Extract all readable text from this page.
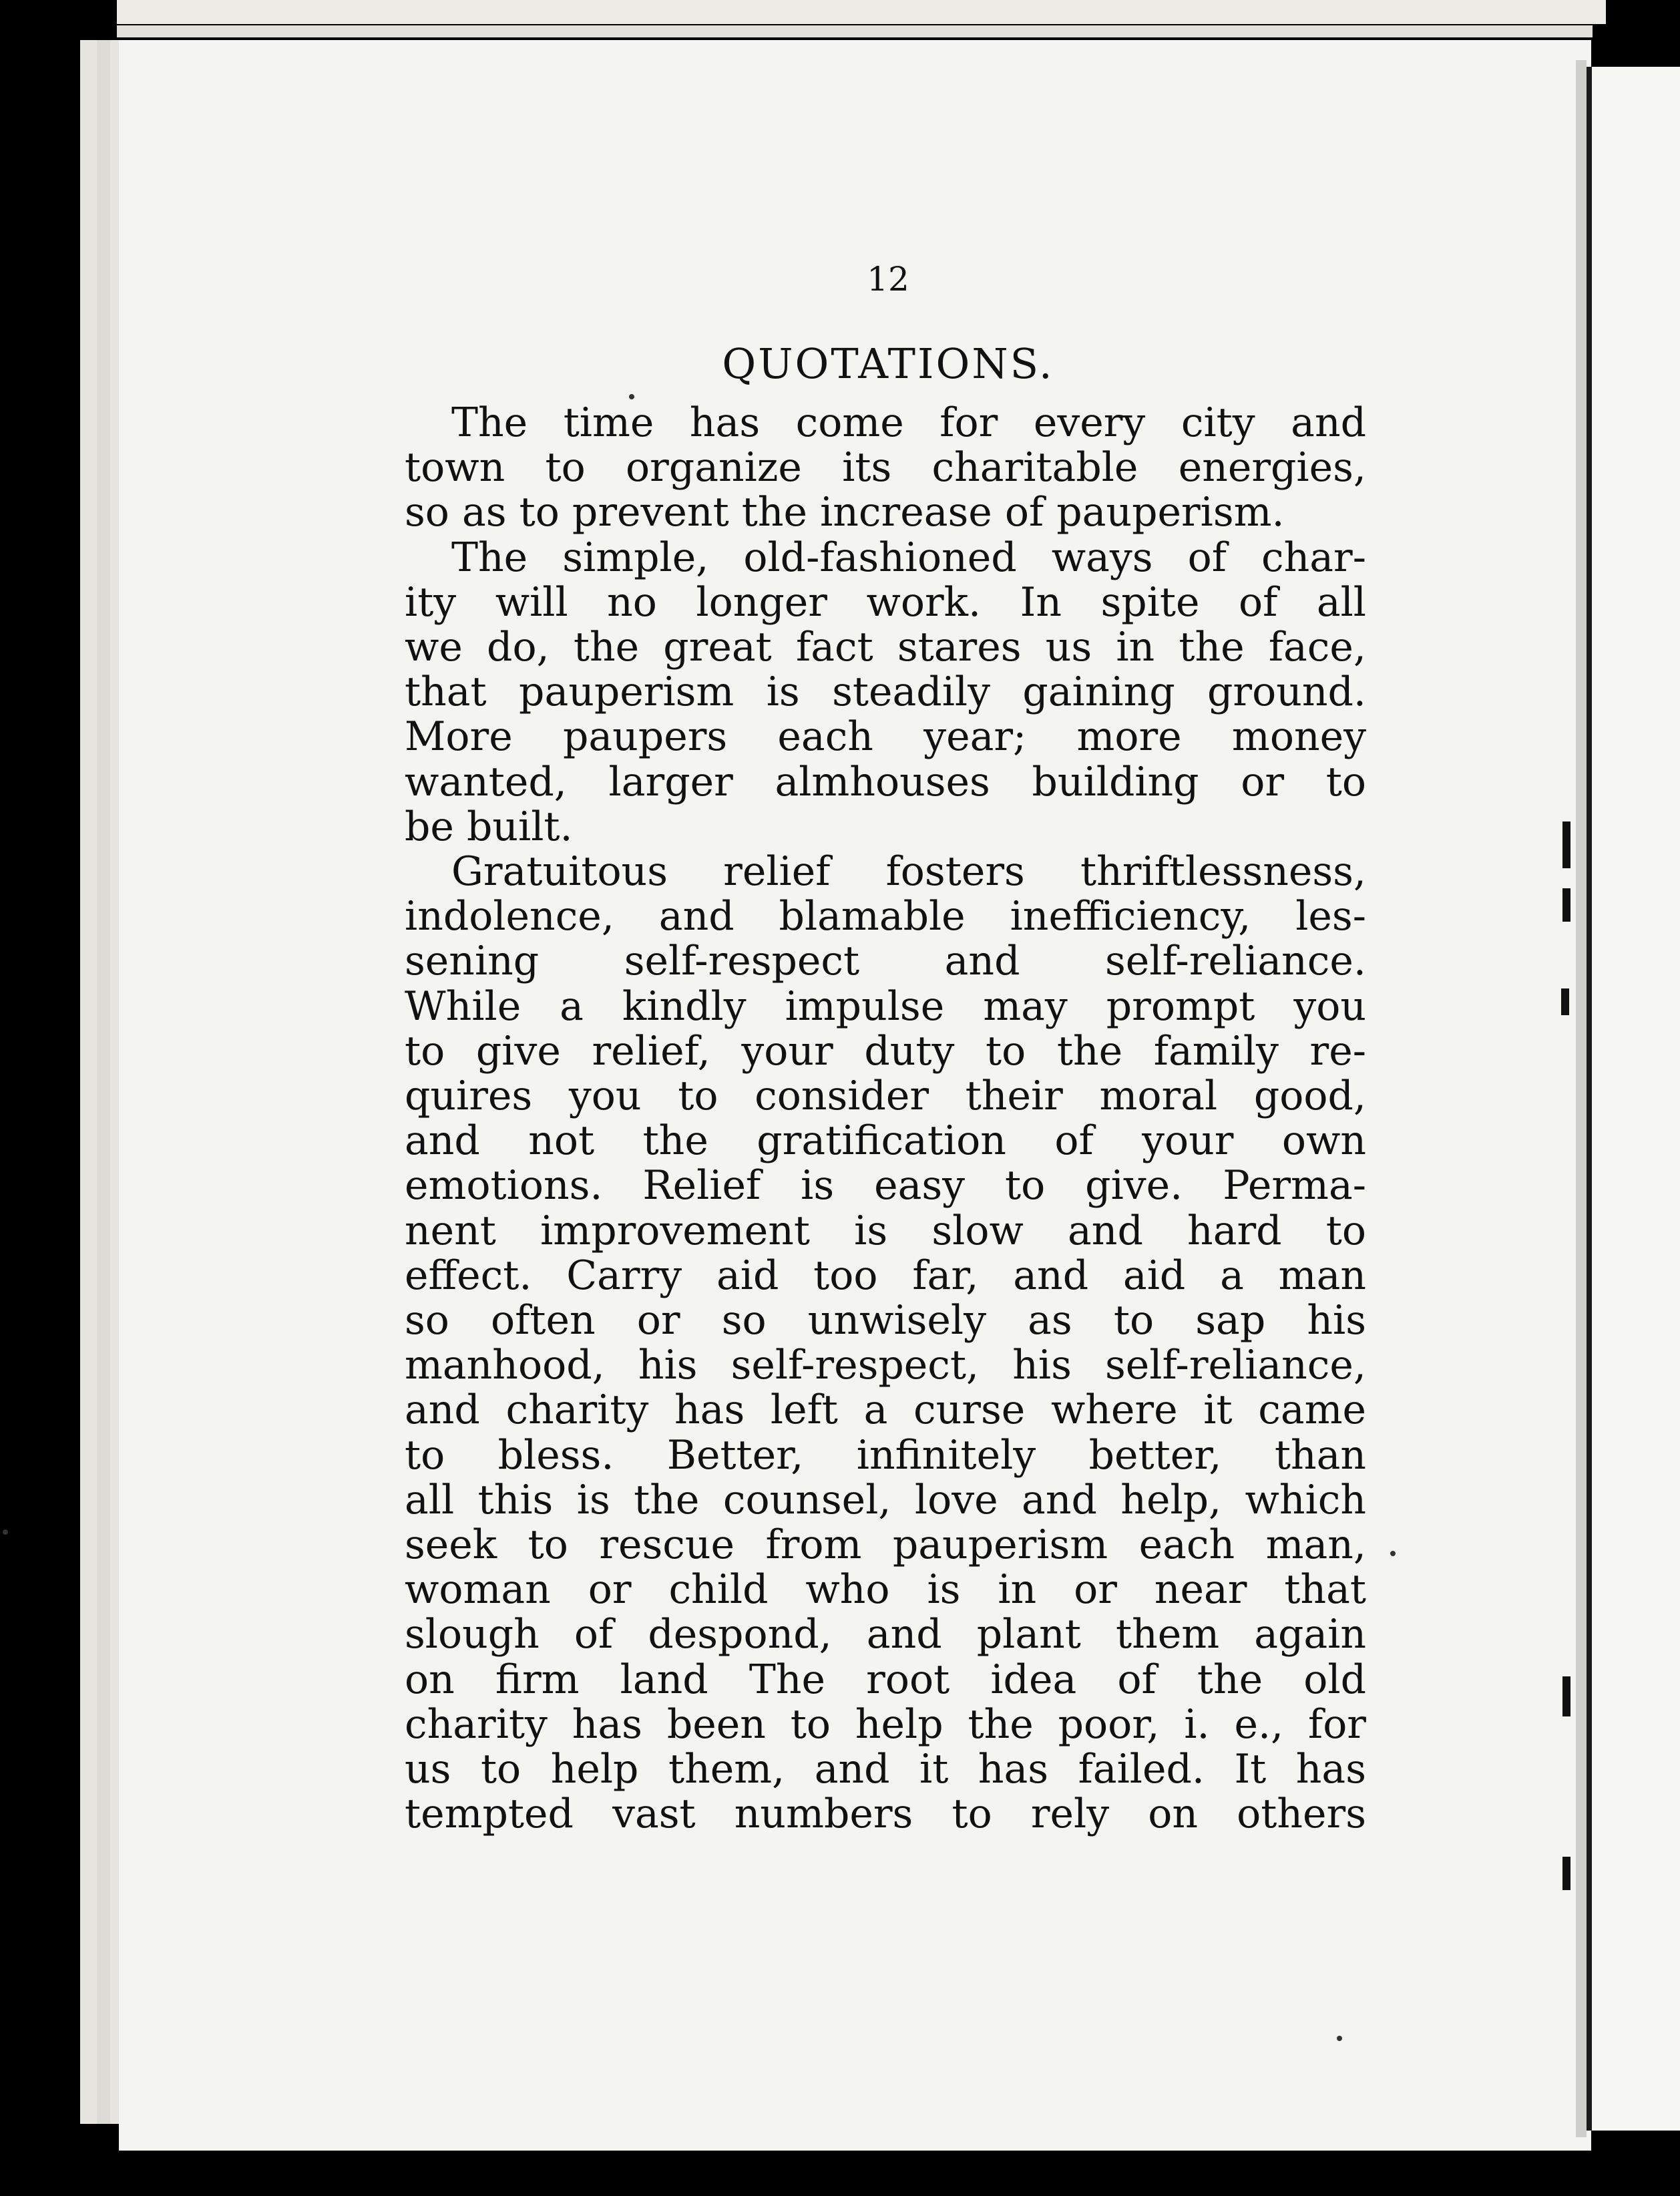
12

QUOTATIONS.

The time has come for every city and

town to organize its charitable energies,

so as to prevent the increase of pauperism.

The simple, old-fashioned ways of char-

ity will no longer work. In spite of all

we do, the great fact stares us in the face,

that pauperism is steadily gaining ground.

More paupers each year; more money

wanted, larger almhouses building or to

be built.

Gratuitous relief fosters thriftlessness,

indolence, and blamable inefficiency, les-

sening self-respect and self-reliance.

While a kindly impulse may prompt you

to give relief, your duty to the family re-

quires you to consider their moral good,

and not the gratification of your own

emotions. Relief is easy to give. Perma-

nent improvement is slow and hard to

effect. Carry aid too far, and aid a man

so often or so unwisely as to sap his

manhood, his self-respect, his self-reliance,

and charity has left a curse where it came

to bless. Better, infinitely better, than

all this is the counsel, love and help, which

seek to rescue from pauperism each man,

woman or child who is in or near that

slough of despond, and plant them again

on firm land The root idea of the old

charity has been to help the poor, i. e., for

us to help them, and it has failed. It has

tempted vast numbers to rely on others
